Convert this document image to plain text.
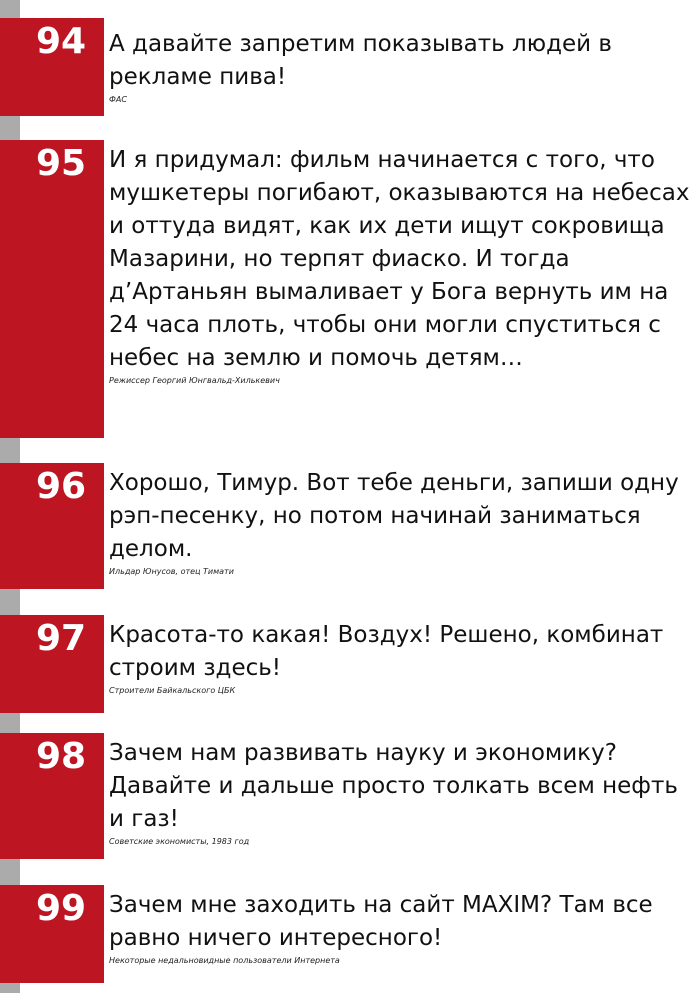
94 А давайте запретим показывать людей в рекламе пива!
ФАС

95 И я придумал: фильм начинается с того, что мушкетеры погибают, оказываются на небесах и оттуда видят, как их дети ищут сокровища Мазарини, но терпят фиаско. И тогда д’Артаньян вымаливает у Бога вернуть им на 24 часа плоть, чтобы они могли спуститься с небес на землю и помочь детям…
Режиссер Георгий Юнгвальд-Хилькевич

96 Хорошо, Тимур. Вот тебе деньги, запиши одну рэп-песенку, но потом начинай заниматься делом.
Ильдар Юнусов, отец Тимати

97 Красота-то какая! Воздух! Решено, комбинат строим здесь!
Строители Байкальского ЦБК

98 Зачем нам развивать науку и экономику? Давайте и дальше просто толкать всем нефть и газ!
Советские экономисты, 1983 год

99 Зачем мне заходить на сайт MAXIM? Там все равно ничего интересного!
Некоторые недальновидные пользователи Интернета
